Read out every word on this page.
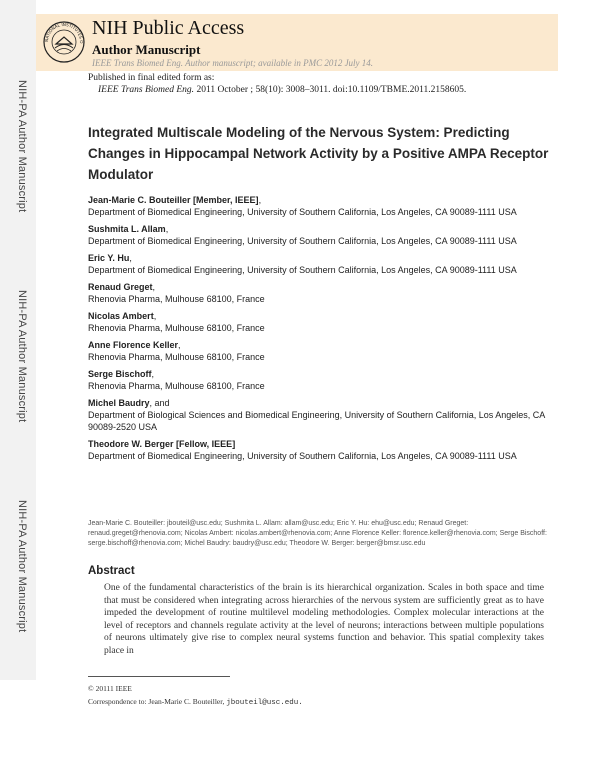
NIH-PA Author Manuscript
NIH-PA Author Manuscript
NIH-PA Author Manuscript
NATIONAL INSTITUTES O
NIH Public Access
Author Manuscript
IEEE Trans Biomed Eng. Author manuscript; available in PMC 2012 July 14.
Published in final edited form as:
IEEE Trans Biomed Eng. 2011 October ; 58(10): 3008–3011. doi:10.1109/TBME.2011.2158605.
Integrated Multiscale Modeling of the Nervous System: Predicting Changes in Hippocampal Network Activity by a Positive AMPA Receptor Modulator
Jean-Marie C. Bouteiller [Member, IEEE],
Department of Biomedical Engineering, University of Southern California, Los Angeles, CA 90089-1111 USA
Sushmita L. Allam,
Department of Biomedical Engineering, University of Southern California, Los Angeles, CA 90089-1111 USA
Eric Y. Hu,
Department of Biomedical Engineering, University of Southern California, Los Angeles, CA 90089-1111 USA
Renaud Greget,
Rhenovia Pharma, Mulhouse 68100, France
Nicolas Ambert,
Rhenovia Pharma, Mulhouse 68100, France
Anne Florence Keller,
Rhenovia Pharma, Mulhouse 68100, France
Serge Bischoff,
Rhenovia Pharma, Mulhouse 68100, France
Michel Baudry, and
Department of Biological Sciences and Biomedical Engineering, University of Southern California, Los Angeles, CA 90089-2520 USA
Theodore W. Berger [Fellow, IEEE]
Department of Biomedical Engineering, University of Southern California, Los Angeles, CA 90089-1111 USA
Jean-Marie C. Bouteiller: jbouteil@usc.edu; Sushmita L. Allam: allam@usc.edu; Eric Y. Hu: ehu@usc.edu; Renaud Greget: renaud.greget@rhenovia.com; Nicolas Ambert: nicolas.ambert@rhenovia.com; Anne Florence Keller: florence.keller@rhenovia.com; Serge Bischoff: serge.bischoff@rhenovia.com; Michel Baudry: baudry@usc.edu; Theodore W. Berger: berger@bmsr.usc.edu
Abstract

One of the fundamental characteristics of the brain is its hierarchical organization. Scales in both space and time that must be considered when integrating across hierarchies of the nervous system are sufficiently great as to have impeded the development of routine multilevel modeling methodologies. Complex molecular interactions at the level of receptors and channels regulate activity at the level of neurons; interactions between multiple populations of neurons ultimately give rise to complex neural systems function and behavior. This spatial complexity takes place in

© 20111 IEEE
Correspondence to: Jean-Marie C. Bouteiller, jbouteil@usc.edu.
